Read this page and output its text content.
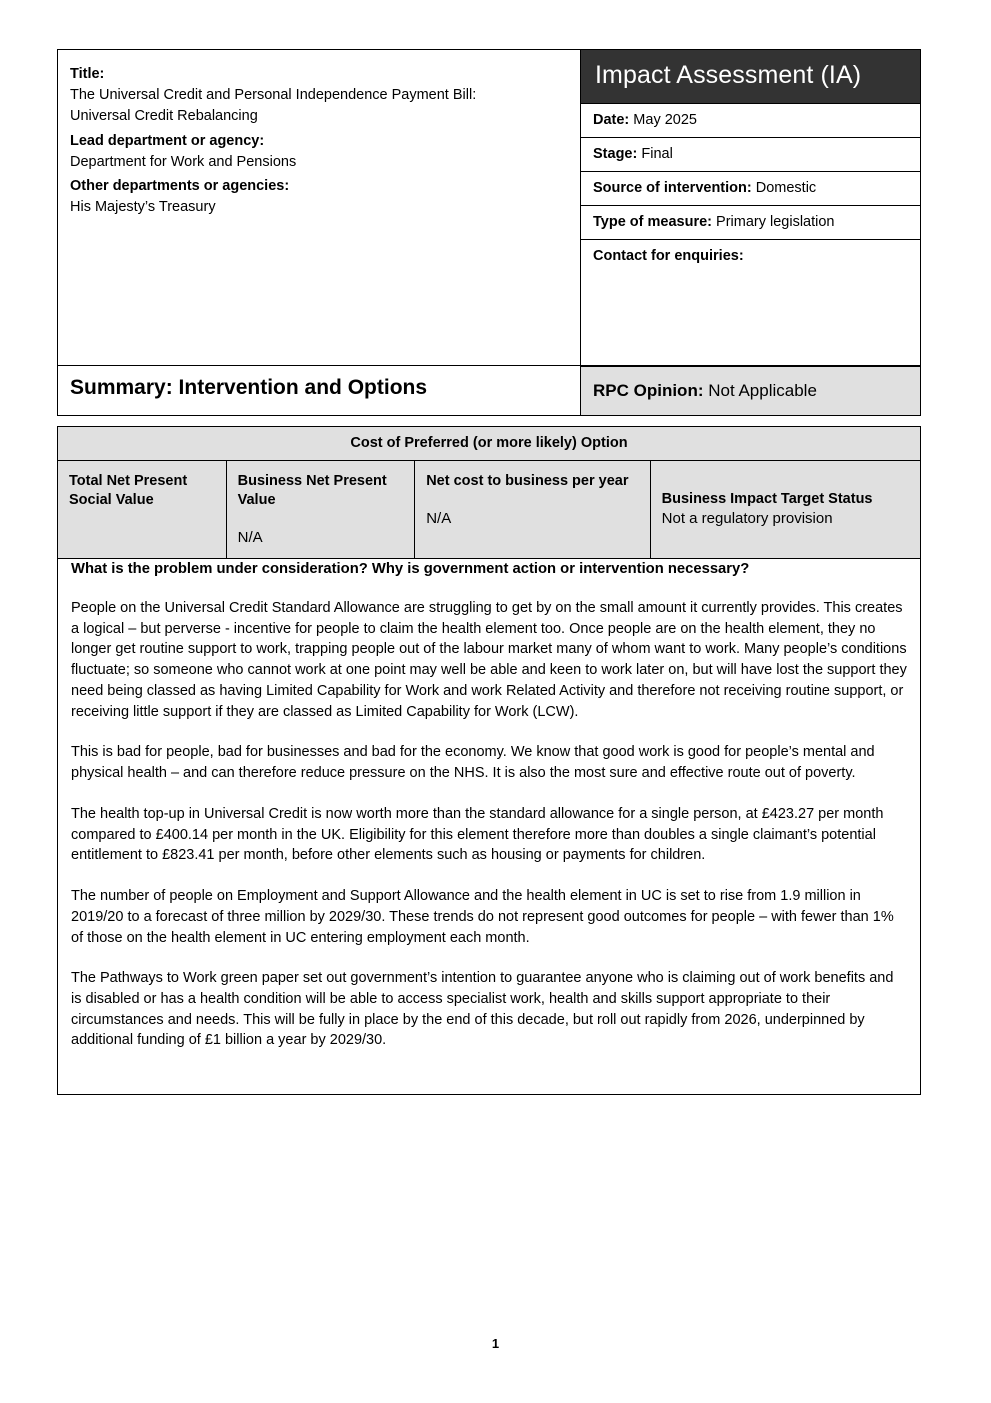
Title:
The Universal Credit and Personal Independence Payment Bill:
Universal Credit Rebalancing
Lead department or agency:
Department for Work and Pensions
Other departments or agencies:
His Majesty’s Treasury
Impact Assessment (IA)
Date: May 2025
Stage: Final
Source of intervention: Domestic
Type of measure: Primary legislation
Contact for enquiries:
Summary: Intervention and Options	RPC Opinion: Not Applicable
Cost of Preferred (or more likely) Option
Total Net Present Social Value
Business Net Present Value
N/A
Net cost to business per year
N/A
Business Impact Target Status
Not a regulatory provision
What is the problem under consideration? Why is government action or intervention necessary?

People on the Universal Credit Standard Allowance are struggling to get by on the small amount it currently provides. This creates a logical – but perverse - incentive for people to claim the health element too. Once people are on the health element, they no longer get routine support to work, trapping people out of the labour market many of whom want to work. Many people’s conditions fluctuate; so someone who cannot work at one point may well be able and keen to work later on, but will have lost the support they need being classed as having Limited Capability for Work and work Related Activity and therefore not receiving routine support, or receiving little support if they are classed as Limited Capability for Work (LCW).

This is bad for people, bad for businesses and bad for the economy. We know that good work is good for people’s mental and physical health – and can therefore reduce pressure on the NHS. It is also the most sure and effective route out of poverty.

The health top-up in Universal Credit is now worth more than the standard allowance for a single person, at £423.27 per month compared to £400.14 per month in the UK. Eligibility for this element therefore more than doubles a single claimant’s potential entitlement to £823.41 per month, before other elements such as housing or payments for children.

The number of people on Employment and Support Allowance and the health element in UC is set to rise from 1.9 million in 2019/20 to a forecast of three million by 2029/30. These trends do not represent good outcomes for people – with fewer than 1% of those on the health element in UC entering employment each month.

The Pathways to Work green paper set out government’s intention to guarantee anyone who is claiming out of work benefits and is disabled or has a health condition will be able to access specialist work, health and skills support appropriate to their circumstances and needs. This will be fully in place by the end of this decade, but roll out rapidly from 2026, underpinned by additional funding of £1 billion a year by 2029/30.

1
